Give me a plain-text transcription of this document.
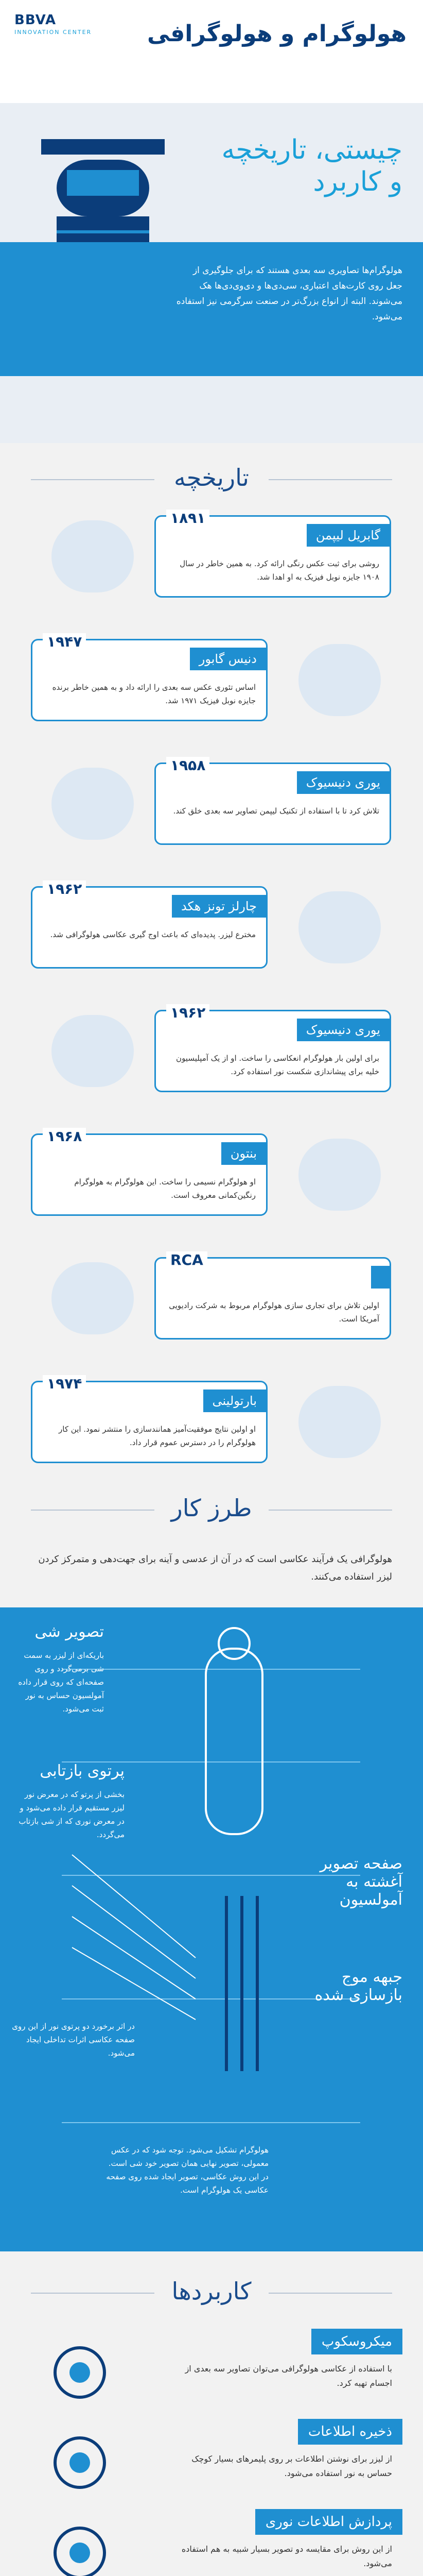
BBVA
INNOVATION CENTER هولوگرام و هولوگرافی
چیستی، تاریخچه و کاربرد
هولوگرام‌ها تصاویری سه بعدی هستند که برای جلوگیری از جعل روی کارت‌های اعتباری، سی‌دی‌ها و دی‌وی‌دی‌ها هک می‌شوند. البته از انواع بزرگ‌تر در صنعت سرگرمی نیز استفاده می‌شود.
تاریخچه
۱۸۹۱
گابریل لیپمن
روشی برای ثبت عکس رنگی ارائه کرد. به همین خاطر در سال ۱۹۰۸ جایزه نوبل فیزیک به او اهدا شد.
۱۹۴۷
دنیس گابور
اساس تئوری عکس سه بعدی را ارائه داد و به همین خاطر برنده جایزه نوبل فیزیک ۱۹۷۱ شد.
۱۹۵۸
یوری دنیسیوک
تلاش کرد تا با استفاده از تکنیک لیپمن تصاویر سه بعدی خلق کند.
۱۹۶۲
چارلز تونز هکد
مخترع لیزر. پدیده‌ای که باعث اوج گیری عکاسی هولوگرافی شد.
۱۹۶۲
یوری دنیسیوک
برای اولین بار هولوگرام انعکاسی را ساخت. او از یک آمپلیسیون خلیه برای پیشاندازی شکست نور استفاده کرد.
۱۹۶۸
بنتون
او هولوگرام نسیمی را ساخت. این هولوگرام به هولوگرام رنگین‌کمانی معروف است.
RCA
اولین تلاش برای تجاری سازی هولوگرام مربوط به شرکت رادیویی آمریکا است.
۱۹۷۴
بارتولینی
او اولین نتایج موفقیت‌آمیز همانندسازی را منتشر نمود. این کار هولوگرام را در دسترس عموم قرار داد.
طرز کار
هولوگرافی یک فرآیند عکاسی است که در آن از عدسی و آینه برای جهت‌دهی و متمرکز کردن لیزر استفاده می‌کنند.
تصویر شی
باریکه‌ای از لیزر به سمت شی برمی‌گردد و روی صفحه‌ای که روی قرار داده آمولسیون حساس به نور ثبت می‌شود.
پرتوی بازتابی
بخشی از پرتو که در معرض نور لیزر مستقیم قرار داده می‌شود و در معرض نوری که از شی بازتاب می‌گردد.
صفحه تصویر آغشته به آمولسیون
جبهه موج بازسازی شده
در اثر برخورد دو پرتوی نور از این روی صفحه عکاسی اثرات تداخلی ایجاد می‌شود.
هولوگرام تشکیل می‌شود. توجه شود که در عکس معمولی، تصویر نهایی همان تصویر خود شی است. در این روش عکاسی، تصویر ایجاد شده روی صفحه عکاسی یک هولوگرام است.
کاربردها
میکروسکوپ
با استفاده از عکاسی هولوگرافی می‌توان تصاویر سه بعدی از اجسام تهیه کرد.
ذخیره اطلاعات
از لیزر برای نوشتن اطلاعات بر روی پلیمرهای بسیار کوچک حساس به نور استفاده می‌شود.
پردازش اطلاعات نوری
از این روش برای مقایسه دو تصویر بسیار شبیه به هم استفاده می‌شود.
